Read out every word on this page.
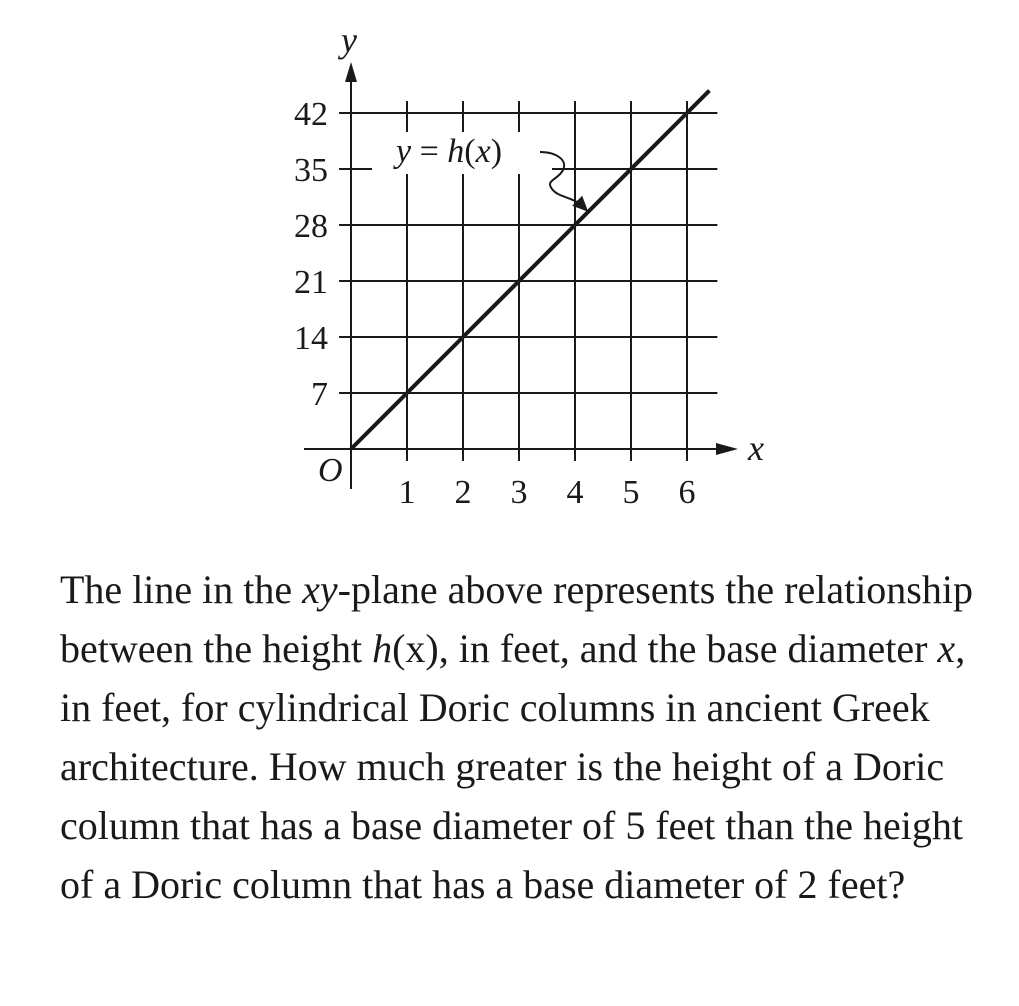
1 2 3 4 5 6
7
14
21
28
35
42
y = h(x)
O
x
y

The line in the xy-plane above represents the relationship between the height h(x), in feet, and the base diameter x, in feet, for cylindrical Doric columns in ancient Greek architecture. How much greater is the height of a Doric column that has a base diameter of 5 feet than the height of a Doric column that has a base diameter of 2 feet?
